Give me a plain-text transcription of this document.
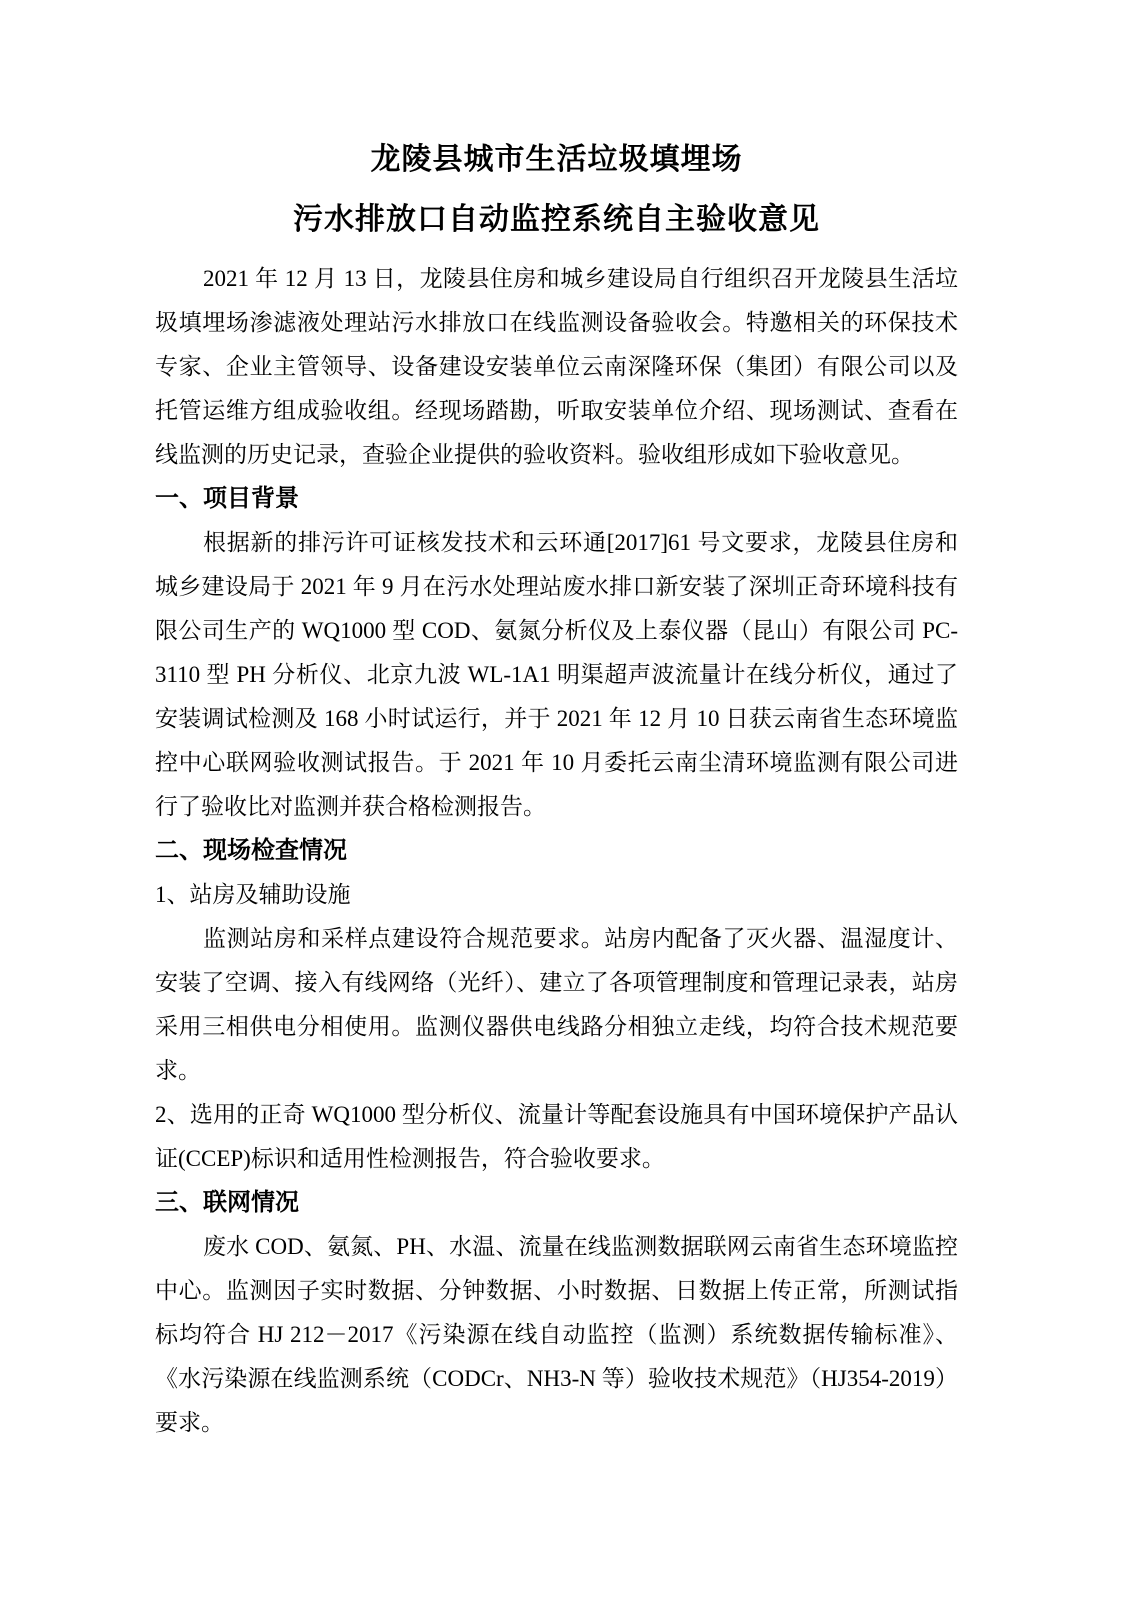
龙陵县城市生活垃圾填埋场
污水排放口自动监控系统自主验收意见

2021 年 12 月 13 日，龙陵县住房和城乡建设局自行组织召开龙陵县生活垃圾填埋场渗滤液处理站污水排放口在线监测设备验收会。特邀相关的环保技术专家、企业主管领导、设备建设安装单位云南深隆环保（集团）有限公司以及托管运维方组成验收组。经现场踏勘，听取安装单位介绍、现场测试、查看在线监测的历史记录，查验企业提供的验收资料。验收组形成如下验收意见。

一、项目背景

根据新的排污许可证核发技术和云环通[2017]61 号文要求，龙陵县住房和城乡建设局于 2021 年 9 月在污水处理站废水排口新安装了深圳正奇环境科技有限公司生产的 WQ1000 型 COD、氨氮分析仪及上泰仪器（昆山）有限公司 PC-3110 型 PH 分析仪、北京九波 WL-1A1 明渠超声波流量计在线分析仪，通过了安装调试检测及 168 小时试运行，并于 2021 年 12 月 10 日获云南省生态环境监控中心联网验收测试报告。于 2021 年 10 月委托云南尘清环境监测有限公司进行了验收比对监测并获合格检测报告。

二、现场检查情况

1、站房及辅助设施

监测站房和采样点建设符合规范要求。站房内配备了灭火器、温湿度计、安装了空调、接入有线网络（光纤）、建立了各项管理制度和管理记录表，站房采用三相供电分相使用。监测仪器供电线路分相独立走线，均符合技术规范要求。

2、选用的正奇 WQ1000 型分析仪、流量计等配套设施具有中国环境保护产品认证(CCEP)标识和适用性检测报告，符合验收要求。

三、联网情况

废水 COD、氨氮、PH、水温、流量在线监测数据联网云南省生态环境监控中心。监测因子实时数据、分钟数据、小时数据、日数据上传正常，所测试指标均符合 HJ 212－2017《污染源在线自动监控（监测）系统数据传输标准》、《水污染源在线监测系统（CODCr、NH3-N 等）验收技术规范》（HJ354-2019）要求。
